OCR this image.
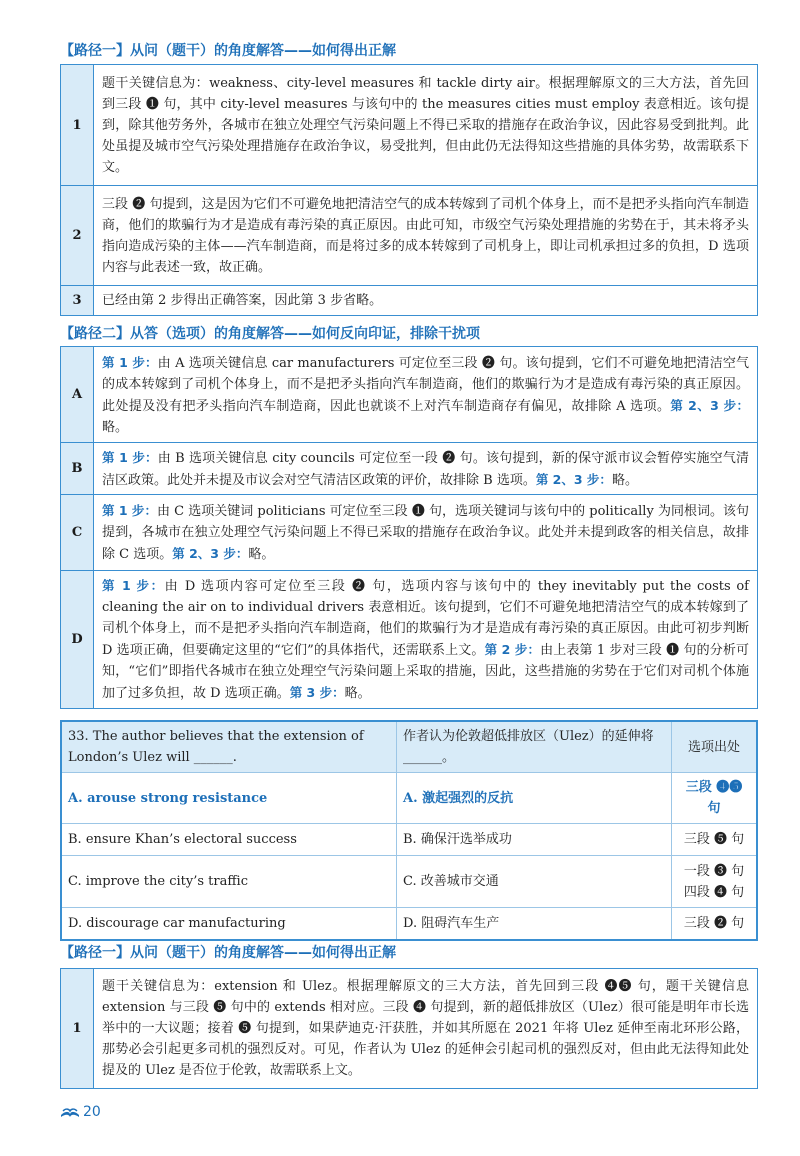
【路径一】从问（题干）的角度解答——如何得出正解
1	题干关键信息为：weakness、city-level measures 和 tackle dirty air。根据理解原文的三大方法，首先回到三段 ❶ 句，其中 city-level measures 与该句中的 the measures cities must employ 表意相近。该句提到，除其他劳务外，各城市在独立处理空气污染问题上不得已采取的措施存在政治争议，因此容易受到批判。此处虽提及城市空气污染处理措施存在政治争议，易受批判，但由此仍无法得知这些措施的具体劣势，故需联系下文。
2	三段 ❷ 句提到，这是因为它们不可避免地把清洁空气的成本转嫁到了司机个体身上，而不是把矛头指向汽车制造商，他们的欺骗行为才是造成有毒污染的真正原因。由此可知，市级空气污染处理措施的劣势在于，其未将矛头指向造成污染的主体——汽车制造商，而是将过多的成本转嫁到了司机身上，即让司机承担过多的负担，D 选项内容与此表述一致，故正确。
3	已经由第 2 步得出正确答案，因此第 3 步省略。
【路径二】从答（选项）的角度解答——如何反向印证，排除干扰项
A	第 1 步：由 A 选项关键信息 car manufacturers 可定位至三段 ❷ 句。该句提到，它们不可避免地把清洁空气的成本转嫁到了司机个体身上，而不是把矛头指向汽车制造商，他们的欺骗行为才是造成有毒污染的真正原因。此处提及没有把矛头指向汽车制造商，因此也就谈不上对汽车制造商存有偏见，故排除 A 选项。第 2、3 步：略。
B	第 1 步：由 B 选项关键信息 city councils 可定位至一段 ❷ 句。该句提到，新的保守派市议会暂停实施空气清洁区政策。此处并未提及市议会对空气清洁区政策的评价，故排除 B 选项。第 2、3 步：略。
C	第 1 步：由 C 选项关键词 politicians 可定位至三段 ❶ 句，选项关键词与该句中的 politically 为同根词。该句提到，各城市在独立处理空气污染问题上不得已采取的措施存在政治争议。此处并未提到政客的相关信息，故排除 C 选项。第 2、3 步：略。
D	第 1 步：由 D 选项内容可定位至三段 ❷ 句，选项内容与该句中的 they inevitably put the costs of cleaning the air on to individual drivers 表意相近。该句提到，它们不可避免地把清洁空气的成本转嫁到了司机个体身上，而不是把矛头指向汽车制造商，他们的欺骗行为才是造成有毒污染的真正原因。由此可初步判断 D 选项正确，但要确定这里的“它们”的具体指代，还需联系上文。第 2 步：由上表第 1 步对三段 ❶ 句的分析可知，“它们”即指代各城市在独立处理空气污染问题上采取的措施，因此，这些措施的劣势在于它们对司机个体施加了过多负担，故 D 选项正确。第 3 步：略。
33. The author believes that the extension of London’s Ulez will ______.	作者认为伦敦超低排放区（Ulez）的延伸将______。	选项出处
A. arouse strong resistance	A. 激起强烈的反抗	三段 ❹❺ 句
B. ensure Khan’s electoral success	B. 确保汗选举成功	三段 ❺ 句
C. improve the city’s traffic	C. 改善城市交通	一段 ❸ 句
四段 ❹ 句

D. discourage car manufacturing	D. 阻碍汽车生产	三段 ❷ 句
【路径一】从问（题干）的角度解答——如何得出正解
1	题干关键信息为：extension 和 Ulez。根据理解原文的三大方法，首先回到三段 ❹❺ 句，题干关键信息 extension 与三段 ❺ 句中的 extends 相对应。三段 ❹ 句提到，新的超低排放区（Ulez）很可能是明年市长选举中的一大议题；接着 ❺ 句提到，如果萨迪克·汗获胜，并如其所愿在 2021 年将 Ulez 延伸至南北环形公路，那势必会引起更多司机的强烈反对。可见，作者认为 Ulez 的延伸会引起司机的强烈反对，但由此无法得知此处提及的 Ulez 是否位于伦敦，故需联系上文。
20
